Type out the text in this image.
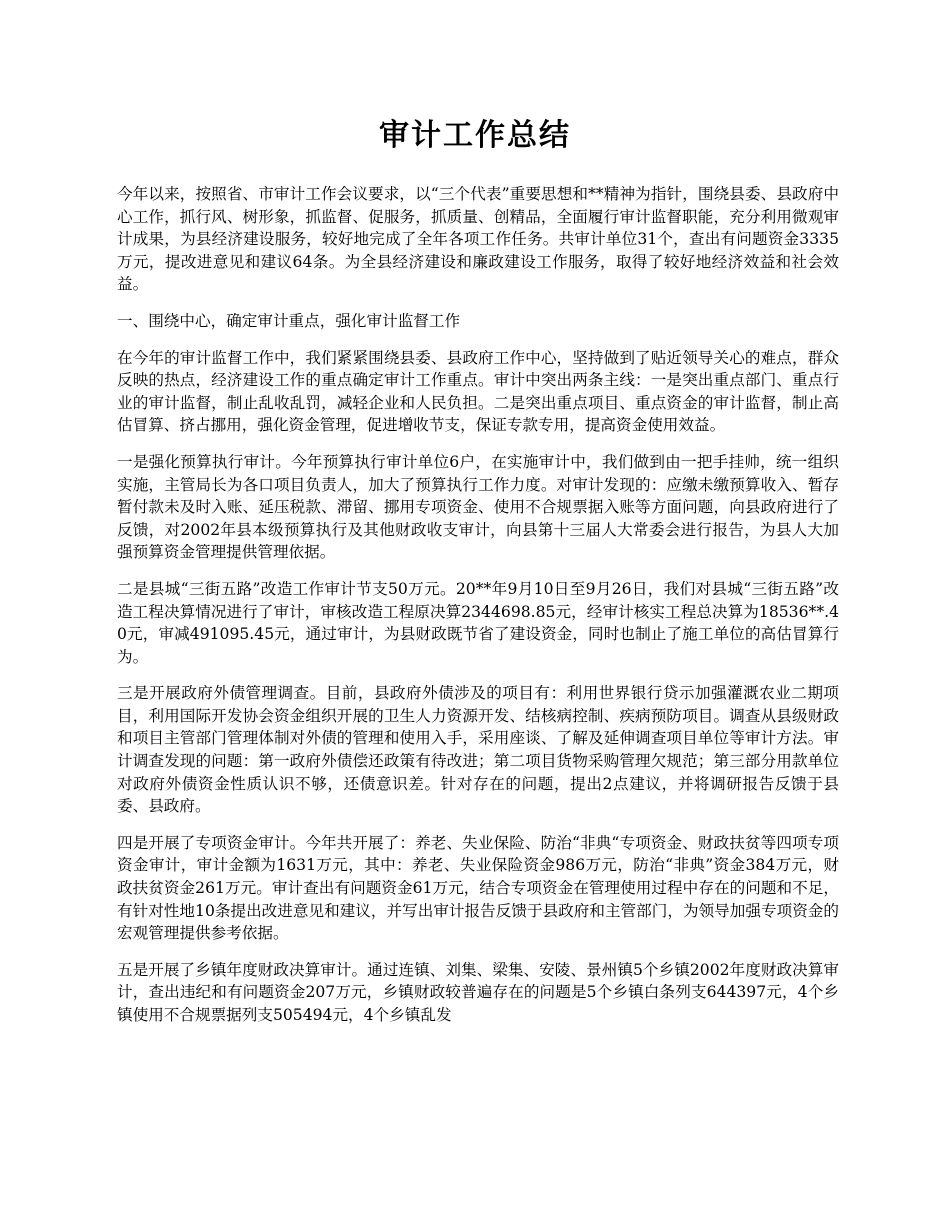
审计工作总结

今年以来，按照省、市审计工作会议要求，以“三个代表”重要思想和**精神为指针，围绕县委、县政府中心工作，抓行风、树形象，抓监督、促服务，抓质量、创精品，全面履行审计监督职能，充分利用微观审计成果，为县经济建设服务，较好地完成了全年各项工作任务。共审计单位31个，查出有问题资金3335万元，提改进意见和建议64条。为全县经济建设和廉政建设工作服务，取得了较好地经济效益和社会效益。

一、围绕中心，确定审计重点，强化审计监督工作

在今年的审计监督工作中，我们紧紧围绕县委、县政府工作中心，坚持做到了贴近领导关心的难点，群众反映的热点，经济建设工作的重点确定审计工作重点。审计中突出两条主线：一是突出重点部门、重点行业的审计监督，制止乱收乱罚，减轻企业和人民负担。二是突出重点项目、重点资金的审计监督，制止高估冒算、挤占挪用，强化资金管理，促进增收节支，保证专款专用，提高资金使用效益。

一是强化预算执行审计。今年预算执行审计单位6户，在实施审计中，我们做到由一把手挂帅，统一组织实施，主管局长为各口项目负责人，加大了预算执行工作力度。对审计发现的：应缴未缴预算收入、暂存暂付款未及时入账、延压税款、滞留、挪用专项资金、使用不合规票据入账等方面问题，向县政府进行了反馈，对2002年县本级预算执行及其他财政收支审计，向县第十三届人大常委会进行报告，为县人大加强预算资金管理提供管理依据。

二是县城“三街五路”改造工作审计节支50万元。20**年9月10日至9月26日，我们对县城“三街五路”改造工程决算情况进行了审计，审核改造工程原决算2344698.85元，经审计核实工程总决算为18536**.40元，审减491095.45元，通过审计，为县财政既节省了建设资金，同时也制止了施工单位的高估冒算行为。

三是开展政府外债管理调查。目前，县政府外债涉及的项目有：利用世界银行贷示加强灌溉农业二期项目，利用国际开发协会资金组织开展的卫生人力资源开发、结核病控制、疾病预防项目。调查从县级财政和项目主管部门管理体制对外债的管理和使用入手，采用座谈、了解及延伸调查项目单位等审计方法。审计调查发现的问题：第一政府外债偿还政策有待改进；第二项目货物采购管理欠规范；第三部分用款单位对政府外债资金性质认识不够，还债意识差。针对存在的问题，提出2点建议，并将调研报告反馈于县委、县政府。

四是开展了专项资金审计。今年共开展了：养老、失业保险、防治“非典“专项资金、财政扶贫等四项专项资金审计，审计金额为1631万元，其中：养老、失业保险资金986万元，防治“非典”资金384万元，财政扶贫资金261万元。审计查出有问题资金61万元，结合专项资金在管理使用过程中存在的问题和不足，有针对性地10条提出改进意见和建议，并写出审计报告反馈于县政府和主管部门，为领导加强专项资金的宏观管理提供参考依据。

五是开展了乡镇年度财政决算审计。通过连镇、刘集、梁集、安陵、景州镇5个乡镇2002年度财政决算审计，查出违纪和有问题资金207万元，乡镇财政较普遍存在的问题是5个乡镇白条列支644397元，4个乡镇使用不合规票据列支505494元，4个乡镇乱发
